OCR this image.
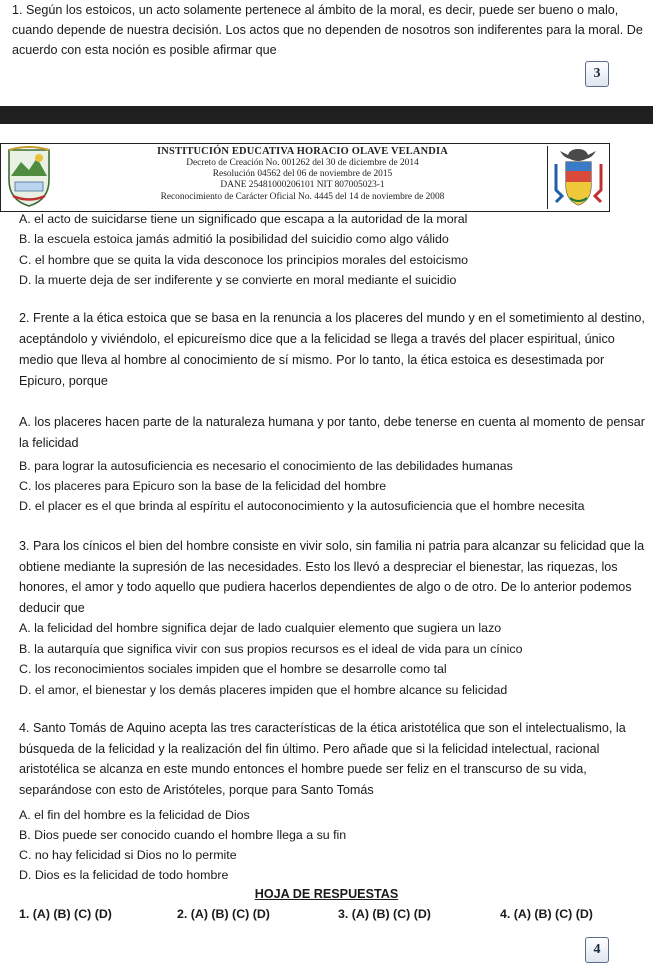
1. Según los estoicos, un acto solamente pertenece al ámbito de la moral, es decir, puede ser bueno o malo, cuando depende de nuestra decisión. Los actos que no dependen de nosotros son indiferentes para la moral. De acuerdo con esta noción es posible afirmar que

3
INSTITUCIÓN EDUCATIVA HORACIO OLAVE VELANDIA
Decreto de Creación No. 001262 del 30 de diciembre de 2014
Resolución 04562 del 06 de noviembre de 2015
DANE 25481000206101 NIT 807005023-1
Reconocimiento de Carácter Oficial No. 4445 del 14 de noviembre de 2008
A. el acto de suicidarse tiene un significado que escapa a la autoridad de la moral
B. la escuela estoica jamás admitió la posibilidad del suicidio como algo válido
C. el hombre que se quita la vida desconoce los principios morales del estoicismo
D. la muerte deja de ser indiferente y se convierte en moral mediante el suicidio

2. Frente a la ética estoica que se basa en la renuncia a los placeres del mundo y en el sometimiento al destino, aceptándolo y viviéndolo, el epicureísmo dice que a la felicidad se llega a través del placer espiritual, único medio que lleva al hombre al conocimiento de sí mismo. Por lo tanto, la ética estoica es desestimada por Epicuro, porque

A. los placeres hacen parte de la naturaleza humana y por tanto, debe tenerse en cuenta al momento de pensar la felicidad

B. para lograr la autosuficiencia es necesario el conocimiento de las debilidades humanas
C. los placeres para Epicuro son la base de la felicidad del hombre
D. el placer es el que brinda al espíritu el autoconocimiento y la autosuficiencia que el hombre necesita

3. Para los cínicos el bien del hombre consiste en vivir solo, sin familia ni patria para alcanzar su felicidad que la obtiene mediante la supresión de las necesidades. Esto los llevó a despreciar el bienestar, las riquezas, los honores, el amor y todo aquello que pudiera hacerlos dependientes de algo o de otro. De lo anterior podemos deducir que

A. la felicidad del hombre significa dejar de lado cualquier elemento que sugiera un lazo
B. la autarquía que significa vivir con sus propios recursos es el ideal de vida para un cínico
C. los reconocimientos sociales impiden que el hombre se desarrolle como tal
D. el amor, el bienestar y los demás placeres impiden que el hombre alcance su felicidad

4. Santo Tomás de Aquino acepta las tres características de la ética aristotélica que son el intelectualismo, la búsqueda de la felicidad y la realización del fin último. Pero añade que si la felicidad intelectual, racional aristotélica se alcanza en este mundo entonces el hombre puede ser feliz en el transcurso de su vida, separándose con esto de Aristóteles, porque para Santo Tomás

A. el fin del hombre es la felicidad de Dios
B. Dios puede ser conocido cuando el hombre llega a su fin
C. no hay felicidad si Dios no lo permite
D. Dios es la felicidad de todo hombre
HOJA DE RESPUESTAS
1. (A) (B) (C) (D)	2. (A) (B) (C) (D)	3. (A) (B) (C) (D)	4. (A) (B) (C) (D)
4
